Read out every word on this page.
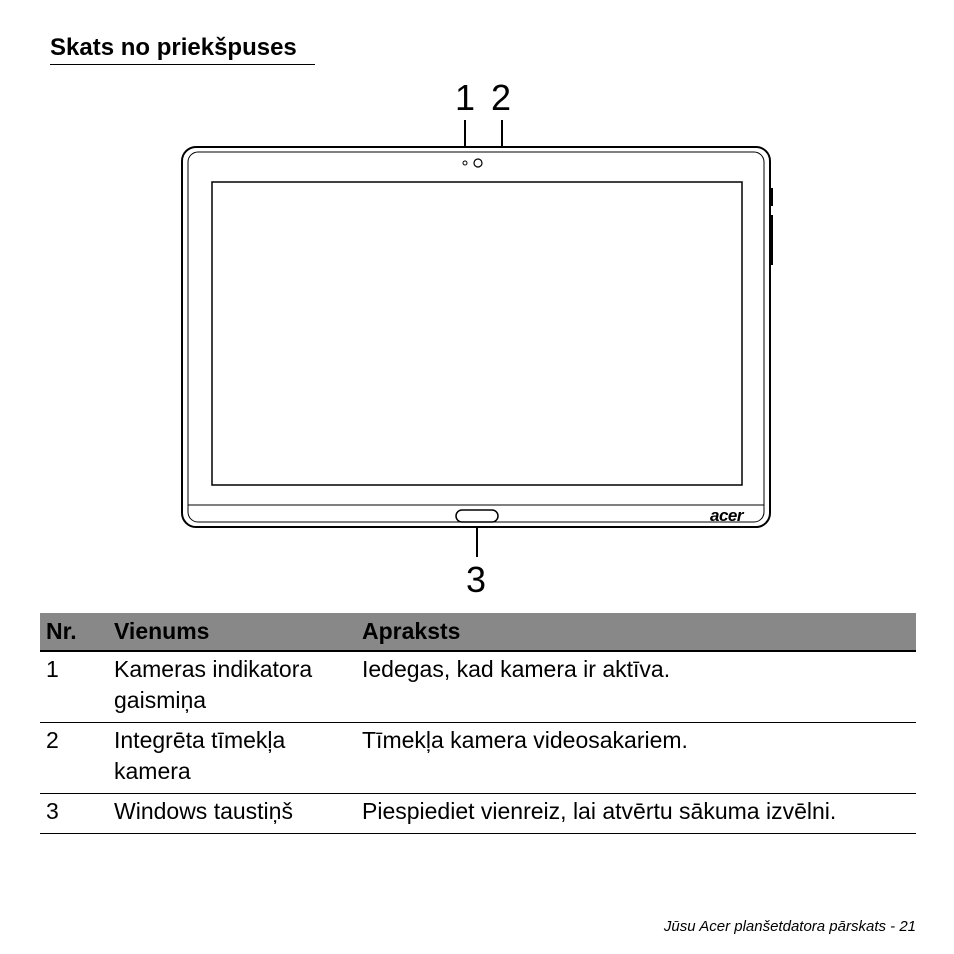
Skats no priekšpuses
1 2
3
acer
Nr.	Vienums	Apraksts
1	Kameras indikatora gaismiņa	Iedegas, kad kamera ir aktīva.
2	Integrēta tīmekļa kamera	Tīmekļa kamera videosakariem.
3	Windows taustiņš	Piespiediet vienreiz, lai atvērtu sākuma izvēlni.
Jūsu Acer planšetdatora pārskats - 21
